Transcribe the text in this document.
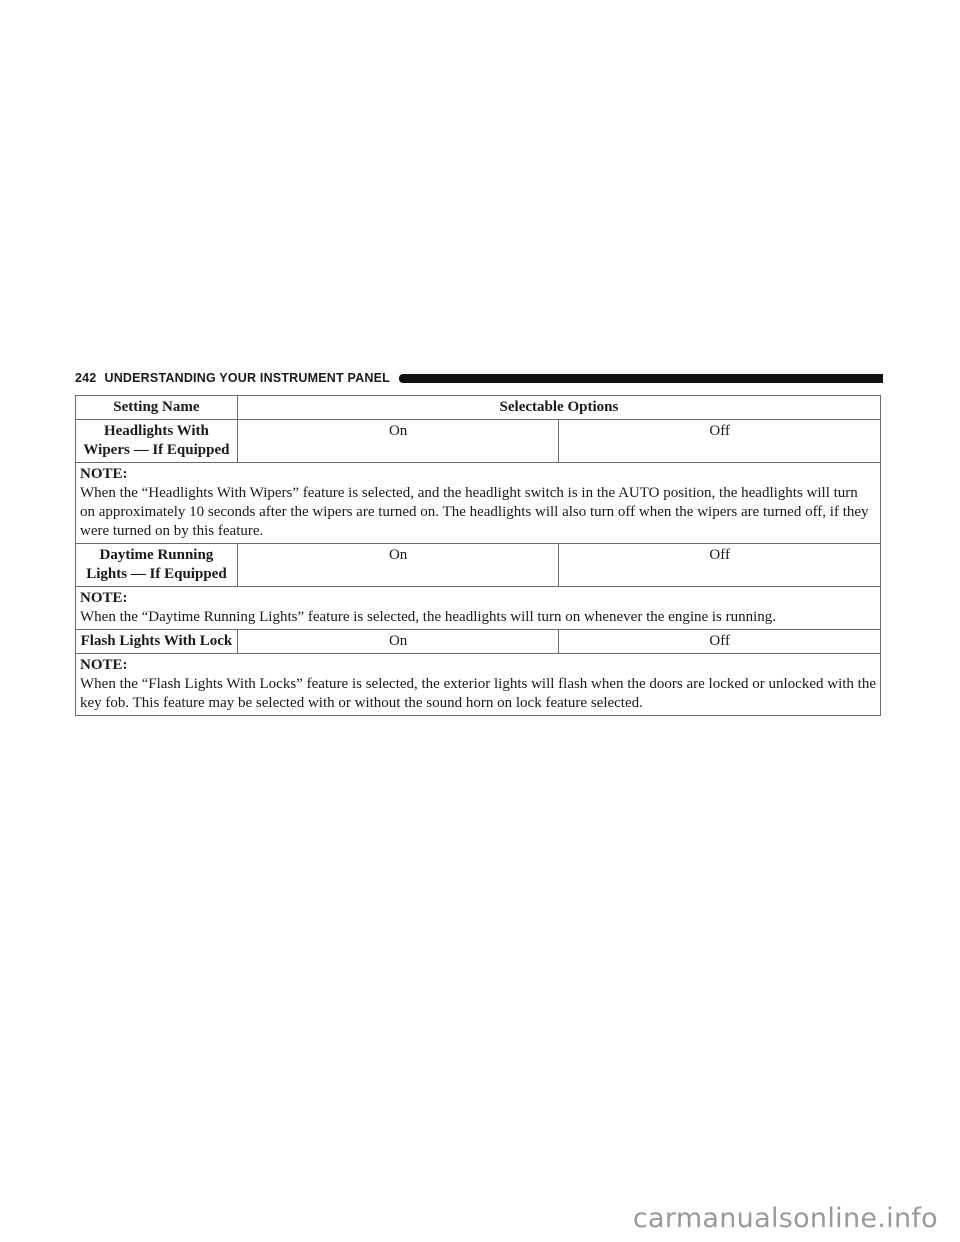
242 UNDERSTANDING YOUR INSTRUMENT PANEL
Setting Name	Selectable Options	
Headlights With Wipers — If Equipped	On	Off

NOTE:
When the “Headlights With Wipers” feature is selected, and the headlight switch is in the AUTO position, the headlights will turn on approximately 10 seconds after the wipers are turned on. The headlights will also turn off when the wipers are turned off, if they were turned on by this feature.		

Daytime Running Lights — If Equipped	On	Off

NOTE:
When the “Daytime Running Lights” feature is selected, the headlights will turn on whenever the engine is running.		

Flash Lights With Lock	On	Off

NOTE:
When the “Flash Lights With Locks” feature is selected, the exterior lights will flash when the doors are locked or unlocked with the key fob. This feature may be selected with or without the sound horn on lock feature selected.		
carmanualsonline.info
